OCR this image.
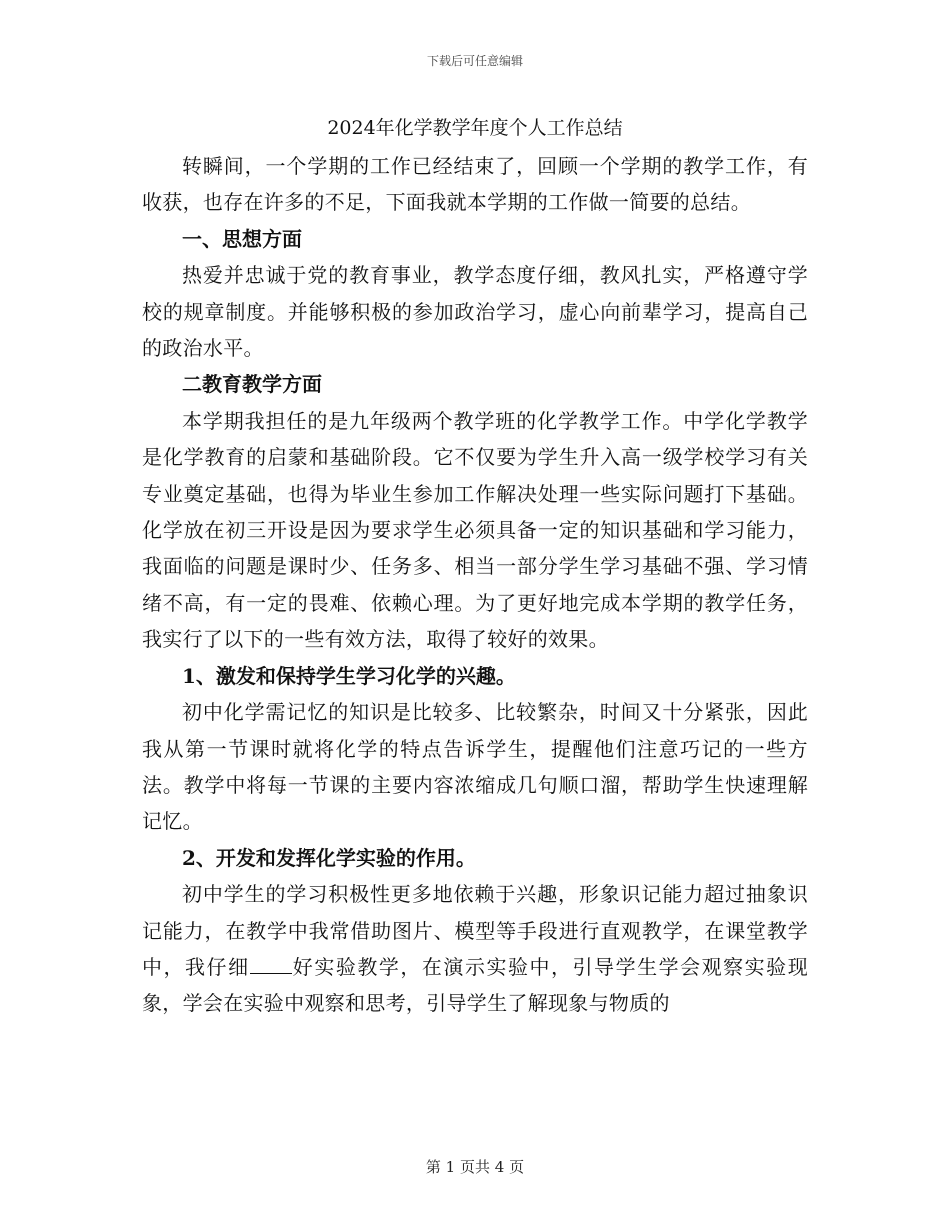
下载后可任意编辑
2024年化学教学年度个人工作总结

转瞬间，一个学期的工作已经结束了，回顾一个学期的教学工作，有收获，也存在许多的不足，下面我就本学期的工作做一简要的总结。

一、思想方面

热爱并忠诚于党的教育事业，教学态度仔细，教风扎实，严格遵守学校的规章制度。并能够积极的参加政治学习，虚心向前辈学习，提高自己的政治水平。

二教育教学方面

本学期我担任的是九年级两个教学班的化学教学工作。中学化学教学是化学教育的启蒙和基础阶段。它不仅要为学生升入高一级学校学习有关专业奠定基础，也得为毕业生参加工作解决处理一些实际问题打下基础。化学放在初三开设是因为要求学生必须具备一定的知识基础和学习能力，我面临的问题是课时少、任务多、相当一部分学生学习基础不强、学习情绪不高，有一定的畏难、依赖心理。为了更好地完成本学期的教学任务，我实行了以下的一些有效方法，取得了较好的效果。

1、激发和保持学生学习化学的兴趣。

初中化学需记忆的知识是比较多、比较繁杂，时间又十分紧张，因此我从第一节课时就将化学的特点告诉学生，提醒他们注意巧记的一些方法。教学中将每一节课的主要内容浓缩成几句顺口溜，帮助学生快速理解记忆。

2、开发和发挥化学实验的作用。

初中学生的学习积极性更多地依赖于兴趣，形象识记能力超过抽象识记能力，在教学中我常借助图片、模型等手段进行直观教学，在课堂教学中，我仔细 好实验教学，在演示实验中，引导学生学会观察实验现象，学会在实验中观察和思考，引导学生了解现象与物质的

第 1 页共 4 页
